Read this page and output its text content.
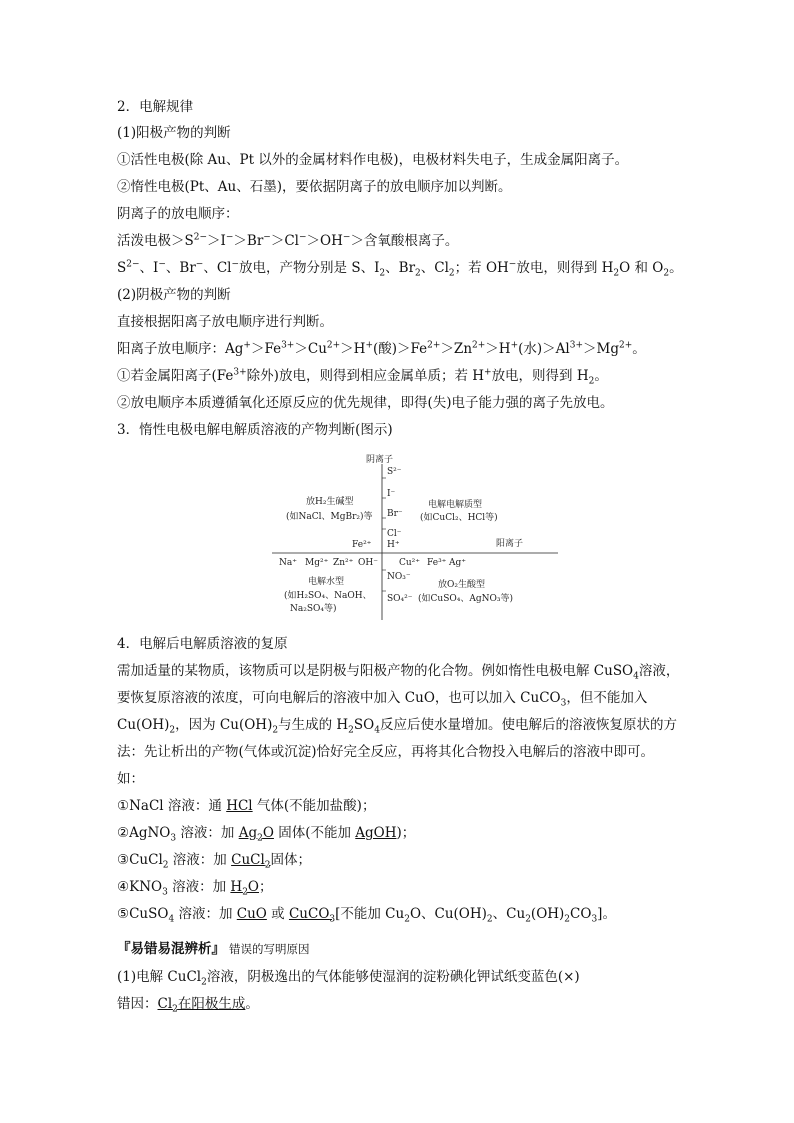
2．电解规律
(1)阳极产物的判断
①活性电极(除 Au、Pt 以外的金属材料作电极)，电极材料失电子，生成金属阳离子。
②惰性电极(Pt、Au、石墨)，要依据阴离子的放电顺序加以判断。
阴离子的放电顺序：
活泼电极$>S^{2-}>I^->Br^->Cl^->OH^->$含氧酸根离子。
$S^{2-}$、I−、Br−、Cl−放电，产物分别是 S、$I_2$、$Br_2$、$Cl_2$；若 OH−放电，则得到 $H_2O$ 和 $O_2$。
(2)阴极产物的判断
直接根据阳离子放电顺序进行判断。
阳离子放电顺序：$Ag^+>Fe^{3+}>Cu^{2+}>H^+$(酸)$>Fe^{2+}>Zn^{2+}>H^+$(水)$>Al^{3+}>Mg^{2+}$。
①若金属阳离子($Fe^{3+}$除外)放电，则得到相应金属单质；若 H+放电，则得到 $H_2$。
②放电顺序本质遵循氧化还原反应的优先规律，即得(失)电子能力强的离子先放电。
3．惰性电极电解电解质溶液的产物判断(图示)
阴离子
阳离子
S²⁻
I⁻
Br⁻
Cl⁻
H⁺
Fe²⁺
NO₃⁻
SO₄²⁻
Na⁺ Mg²⁺ Zn²⁺ OH⁻ Cu²⁺ Fe³⁺ Ag⁺
放H₂生碱型
(如NaCl、MgBr₂)等
电解电解质型
(如CuCl₂、HCl等)
电解水型
(如H₂SO₄、NaOH、
Na₂SO₄等)
放O₂生酸型
(如CuSO₄、AgNO₃等)
4．电解后电解质溶液的复原
需加适量的某物质，该物质可以是阴极与阳极产物的化合物。例如惰性电极电解 CuSO$_4$溶液，
要恢复原溶液的浓度，可向电解后的溶液中加入 CuO，也可以加入 CuCO$_3$，但不能加入
$Cu(OH)_2$，因为 $Cu(OH)_2$与生成的 $H_2SO_4$反应后使水量增加。使电解后的溶液恢复原状的方
法：先让析出的产物(气体或沉淀)恰好完全反应，再将其化合物投入电解后的溶液中即可。
如：
①NaCl 溶液：通 HCl 气体(不能加盐酸)；
②AgNO$_3$ 溶液：加 $Ag_2O$ 固体(不能加 AgOH)；
③CuCl$_2$ 溶液：加 CuCl$_2$固体；
$④KNO_3$ 溶液：加 $H_2O$；
⑤CuSO$_4$ 溶液：加 CuO 或 CuCO$_3$[不能加 $Cu_2O$、$Cu(OH)_2$、$Cu_2(OH)_2CO_3$]。
『易错易混辨析』 错误的写明原因
(1)电解 CuCl$_2$溶液，阴极逸出的气体能够使湿润的淀粉碘化钾试纸变蓝色(×)
错因：$Cl_2$在阳极生成。
